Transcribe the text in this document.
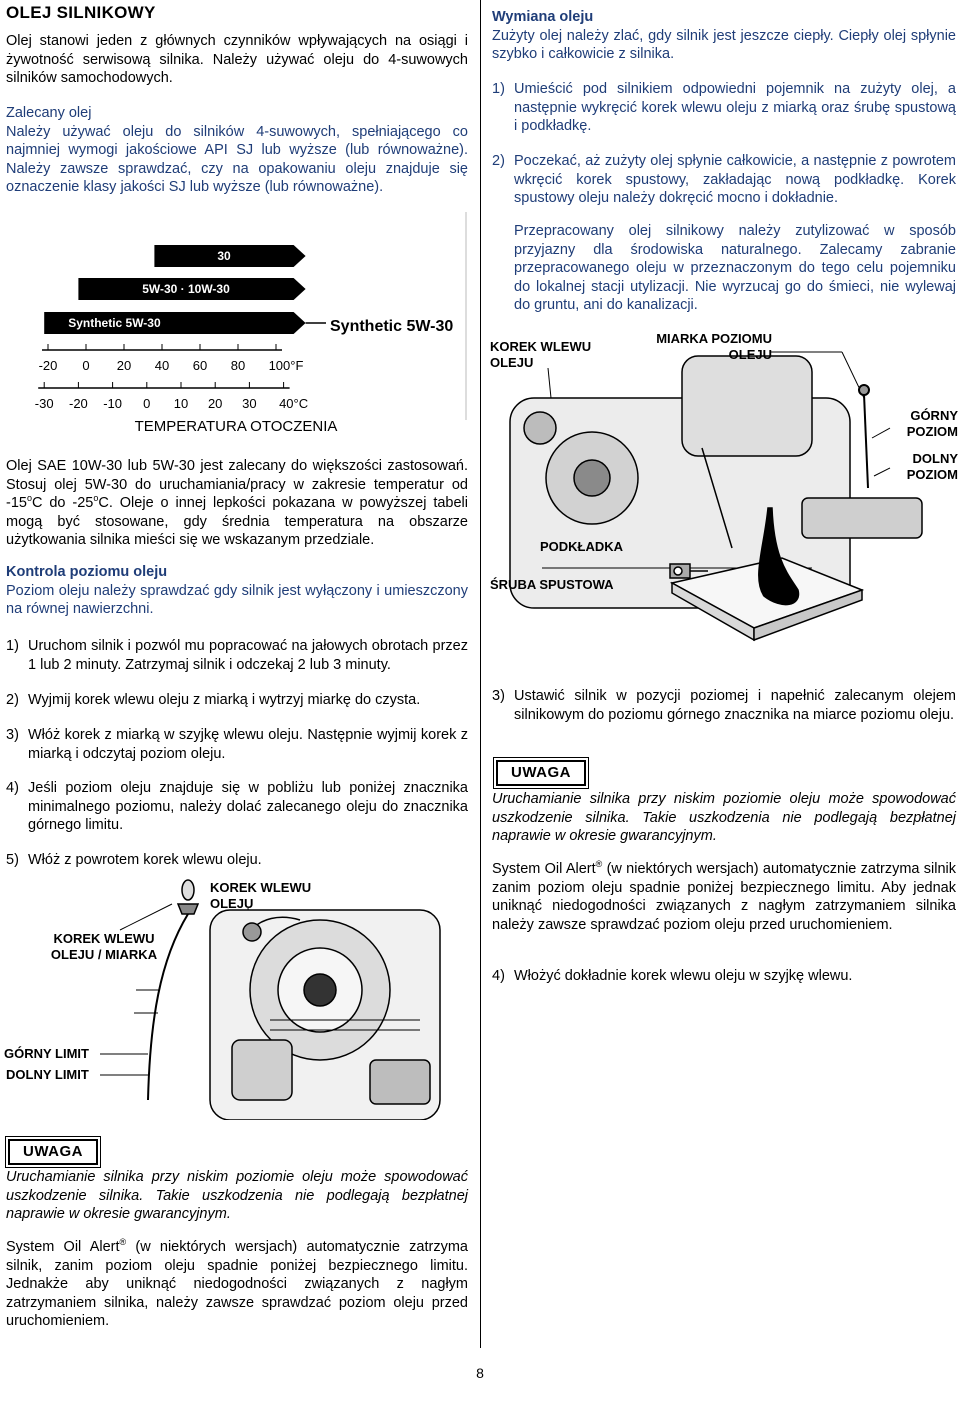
OLEJ SILNIKOWY
Olej stanowi jeden z głównych czynników wpływających na osiągi i żywotność serwisową silnika. Należy używać oleju do 4-suwowych silników samochodowych.
Zalecany olej
Należy używać oleju do silników 4-suwowych, spełniającego co najmniej wymogi jakościowe API SJ lub wyższe (lub równoważne). Należy zawsze sprawdzać, czy na opakowaniu oleju znajduje się oznaczenie klasy jakości SJ lub wyższe (lub równoważne).
30
5W-30 · 10W-30
Synthetic 5W-30	Synthetic 5W-30
-20 0 20 40 60 80 100°F
-30 -20 -10 0 10 20 30 40°C
TEMPERATURA OTOCZENIA
Olej SAE 10W-30 lub 5W-30 jest zalecany do większości zastosowań. Stosuj olej 5W-30 do uruchamiania/pracy w zakresie temperatur od -15$^o$C do -25$^o$C. Oleje o innej lepkości pokazana w powyższej tabeli mogą być stosowane, gdy średnia temperatura na obszarze użytkowania silnika mieści się we wskazanym przedziale.
Kontrola poziomu oleju
Poziom oleju należy sprawdzać gdy silnik jest wyłączony i umieszczony na równej nawierzchni.
1) Uruchom silnik i pozwól mu popracować na jałowych obrotach przez 1 lub 2 minuty. Zatrzymaj silnik i odczekaj 2 lub 3 minuty.
2) Wyjmij korek wlewu oleju z miarką i wytrzyj miarkę do czysta.
3) Włóż korek z miarką w szyjkę wlewu oleju. Następnie wyjmij korek z miarką i odczytaj poziom oleju.
4) Jeśli poziom oleju znajduje się w pobliżu lub poniżej znacznika minimalnego poziomu, należy dolać zalecanego oleju do znacznika górnego limitu.
5) Włóż z powrotem korek wlewu oleju.
KOREK WLEWU OLEJU
KOREK WLEWU OLEJU / MIARKA
GÓRNY LIMIT
DOLNY LIMIT
UWAGA
Uruchamianie silnika przy niskim poziomie oleju może spowodować uszkodzenie silnika. Takie uszkodzenia nie podlegają bezpłatnej naprawie w okresie gwarancyjnym.
System Oil Alert® (w niektórych wersjach) automatycznie zatrzyma silnik, zanim poziom oleju spadnie poniżej bezpiecznego limitu. Jednakże aby uniknąć niedogodności związanych z nagłym zatrzymaniem silnika, należy zawsze sprawdzać poziom oleju przed uruchomieniem.
Wymiana oleju
Zużyty olej należy zlać, gdy silnik jest jeszcze ciepły. Ciepły olej spłynie szybko i całkowicie z silnika.
1) Umieścić pod silnikiem odpowiedni pojemnik na zużyty olej, a następnie wykręcić korek wlewu oleju z miarką oraz śrubę spustową i podkładkę.
2) Poczekać, aż zużyty olej spłynie całkowicie, a następnie z powrotem wkręcić korek spustowy, zakładając nową podkładkę. Korek spustowy oleju należy dokręcić mocno i dokładnie.
Przepracowany olej silnikowy należy zutylizować w sposób przyjazny dla środowiska naturalnego. Zalecamy zabranie przepracowanego oleju w przeznaczonym do tego celu pojemniku do lokalnej stacji utylizacji. Nie wyrzucaj go do śmieci, nie wylewaj do gruntu, ani do kanalizacji.
KOREK WLEWU OLEJU
MIARKA POZIOMU OLEJU
GÓRNY POZIOM
DOLNY POZIOM
PODKŁADKA
ŚRUBA SPUSTOWA
3) Ustawić silnik w pozycji poziomej i napełnić zalecanym olejem silnikowym do poziomu górnego znacznika na miarce poziomu oleju.
UWAGA
Uruchamianie silnika przy niskim poziomie oleju może spowodować uszkodzenie silnika. Takie uszkodzenia nie podlegają bezpłatnej naprawie w okresie gwarancyjnym.
System Oil Alert® (w niektórych wersjach) automatycznie zatrzyma silnik zanim poziom oleju spadnie poniżej bezpiecznego limitu. Aby jednak uniknąć niedogodności związanych z nagłym zatrzymaniem silnika należy zawsze sprawdzać poziom oleju przed uruchomieniem.
4) Włożyć dokładnie korek wlewu oleju w szyjkę wlewu.
8
